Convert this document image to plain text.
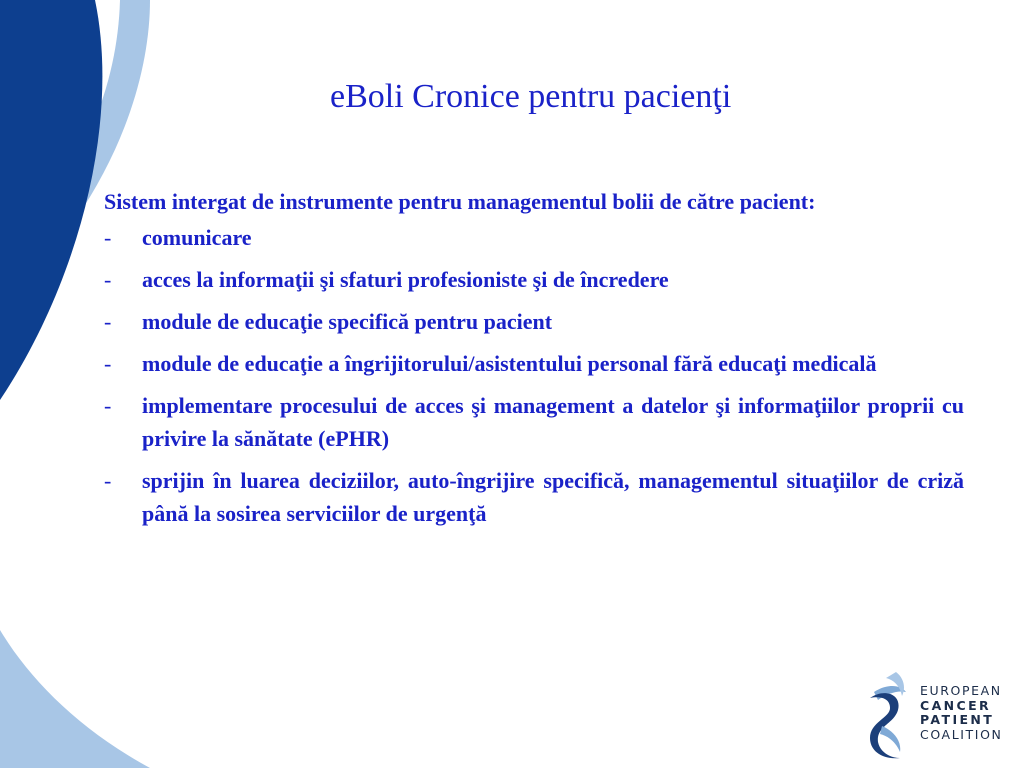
eBoli Cronice pentru pacienţi

Sistem intergat de instrumente pentru managementul bolii de către pacient:

- comunicare
- acces la informaţii şi sfaturi profesioniste şi de încredere
- module de educaţie specifică pentru pacient
- module de educaţie a îngrijitorului/asistentului personal fără educaţi medicală
- implementare procesului de acces şi management a datelor şi informaţiilor proprii cu privire la sănătate (ePHR)
- sprijin în luarea deciziilor, auto-îngrijire specifică, managementul situaţiilor de criză până la sosirea serviciilor de urgenţă
EUROPEAN
CANCER
PATIENT
COALITION
